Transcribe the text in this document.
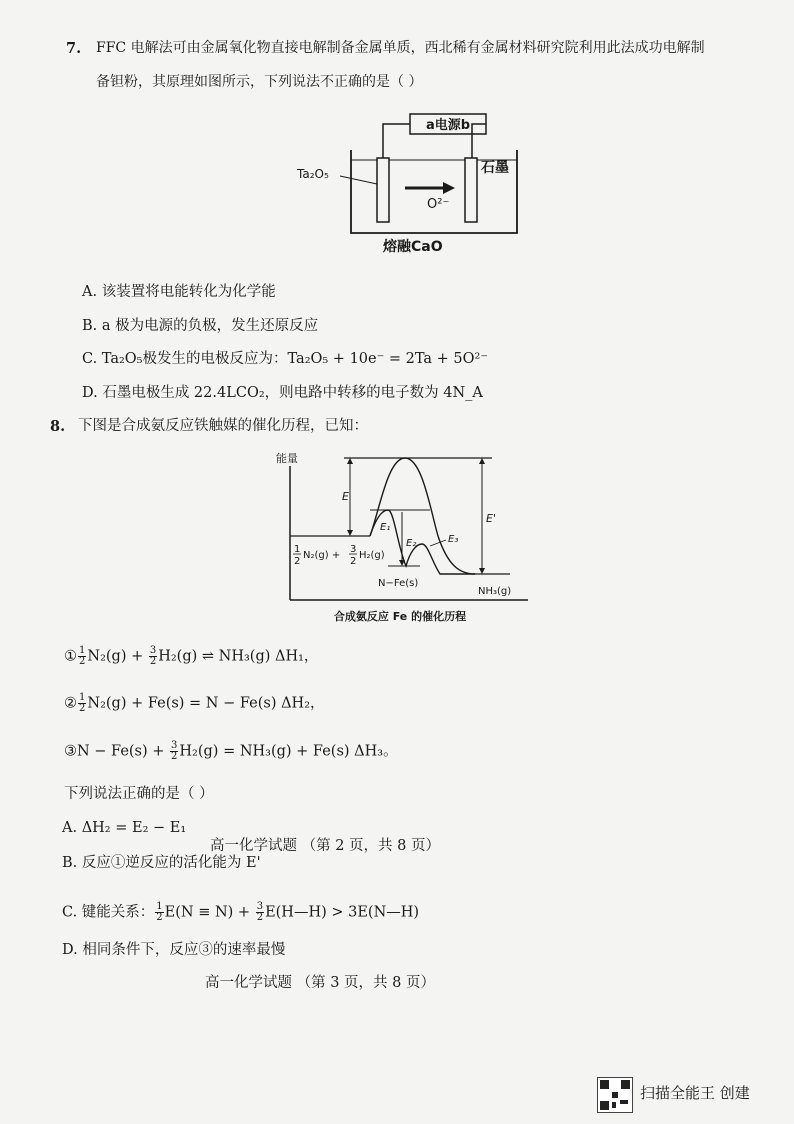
7. FFC 电解法可由金属氧化物直接电解制备金属单质，西北稀有金属材料研究院利用此法成功电解制
备钽粉，其原理如图所示，下列说法不正确的是（ ）
a电源b
Ta₂O₅	石墨
O²⁻
熔融CaO
A. 该装置将电能转化为化学能
B. a 极为电源的负极，发生还原反应
C. Ta₂O₅极发生的电极反应为：Ta₂O₅ + 10e⁻ = 2Ta + 5O²⁻
D. 石墨电极生成 22.4LCO₂，则电路中转移的电子数为 4N_A
8. 下图是合成氨反应铁触媒的催化历程，已知：
能量
E
E₁
E₂	E₃
E'
1
2
N₂(g) +
3
2
H₂(g)
N−Fe(s)
NH₃(g)
合成氨反应 Fe 的催化历程
① $\frac{1}{2} N_2(g) + \frac{3}{2} H_2(g)$ ⇌ NH₃(g) ΔH₁，
② $\frac{1}{2} N_2(g) + Fe(s) = N - Fe(s)$ ΔH₂，
③N − $Fe(s) + \frac{3}{2} H_2(g) = NH_3(g) + Fe(s)$ ΔH₃。
下列说法正确的是（ ）
A. ΔH₂ = E₂ − E₁
高一化学试题 （第 2 页，共 8 页）
B. 反应①逆反应的活化能为 E'
C. 键能关系： $\frac{1}{2} E(N \equiv N) + \frac{3}{2}$ E(H—H) > 3E(N—H)
D. 相同条件下，反应③的速率最慢
高一化学试题 （第 3 页，共 8 页）
扫描全能王 创建
